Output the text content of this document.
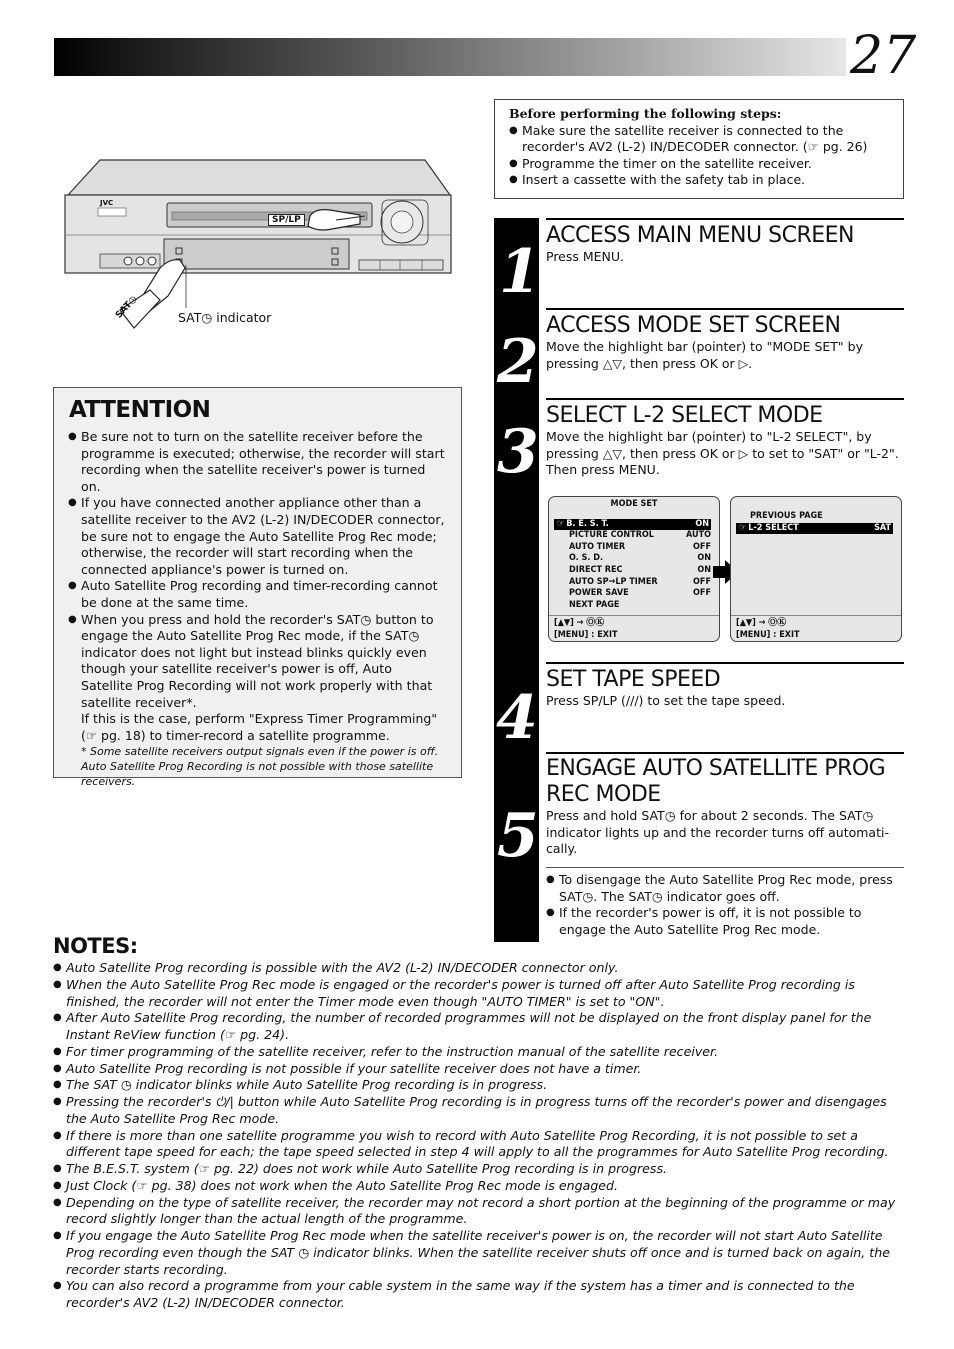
27
JVC
SP/LP
SAT◷	SAT◷ indicator
Before performing the following steps:
● Make sure the satellite receiver is connected to the recorder's AV2 (L-2) IN/DECODER connector. (☞ pg. 26)
● Programme the timer on the satellite receiver.
● Insert a cassette with the safety tab in place.
ATTENTION
● Be sure not to turn on the satellite receiver before the programme is executed; otherwise, the recorder will start recording when the satellite receiver's power is turned on.
● If you have connected another appliance other than a satellite receiver to the AV2 (L-2) IN/DECODER connector, be sure not to engage the Auto Satellite Prog Rec mode; otherwise, the recorder will start recording when the connected appliance's power is turned on.
● Auto Satellite Prog recording and timer-recording cannot be done at the same time.
● When you press and hold the recorder's SAT◷ button to engage the Auto Satellite Prog Rec mode, if the SAT◷ indicator does not light but instead blinks quickly even though your satellite receiver's power is off, Auto Satellite Prog Recording will not work properly with that satellite receiver*.
If this is the case, perform "Express Timer Programming" (☞ pg. 18) to timer-record a satellite programme.
* Some satellite receivers output signals even if the power is off. Auto Satellite Prog Recording is not possible with those satellite receivers.
1
2
3
4
5
ACCESS MAIN MENU SCREEN

Press MENU.

ACCESS MODE SET SCREEN

Move the highlight bar (pointer) to "MODE SET" by pressing △▽, then press OK or ▷.

SELECT L-2 SELECT MODE

Move the highlight bar (pointer) to "L-2 SELECT", by pressing △▽, then press OK or ▷ to set to "SAT" or "L-2". Then press MENU.

MODE SET
☞ B. E. S. T.	ON
PICTURE CONTROL	AUTO
AUTO TIMER	OFF
O. S. D.	ON
DIRECT REC	ON
AUTO SP→LP TIMER	OFF
POWER SAVE	OFF
NEXT PAGE
[▲▼] → ⓄⓀ
[MENU] : EXIT
PREVIOUS PAGE
☞ L-2 SELECT	SAT
[▲▼] → ⓄⓀ
[MENU] : EXIT
SET TAPE SPEED

Press SP/LP (///) to set the tape speed.

ENGAGE AUTO SATELLITE PROG REC MODE

Press and hold SAT◷ for about 2 seconds. The SAT◷ indicator lights up and the recorder turns off automati-cally.

● To disengage the Auto Satellite Prog Rec mode, press SAT◷. The SAT◷ indicator goes off.
● If the recorder's power is off, it is not possible to engage the Auto Satellite Prog Rec mode.
NOTES:
● Auto Satellite Prog recording is possible with the AV2 (L-2) IN/DECODER connector only.
● When the Auto Satellite Prog Rec mode is engaged or the recorder's power is turned off after Auto Satellite Prog recording is finished, the recorder will not enter the Timer mode even though "AUTO TIMER" is set to "ON".
● After Auto Satellite Prog recording, the number of recorded programmes will not be displayed on the front display panel for the Instant ReView function (☞ pg. 24).
● For timer programming of the satellite receiver, refer to the instruction manual of the satellite receiver.
● Auto Satellite Prog recording is not possible if your satellite receiver does not have a timer.
● The SAT ◷ indicator blinks while Auto Satellite Prog recording is in progress.
● Pressing the recorder's ⏻/| button while Auto Satellite Prog recording is in progress turns off the recorder's power and disengages the Auto Satellite Prog Rec mode.
● If there is more than one satellite programme you wish to record with Auto Satellite Prog Recording, it is not possible to set a different tape speed for each; the tape speed selected in step 4 will apply to all the programmes for Auto Satellite Prog recording.
● The B.E.S.T. system (☞ pg. 22) does not work while Auto Satellite Prog recording is in progress.
● Just Clock (☞ pg. 38) does not work when the Auto Satellite Prog Rec mode is engaged.
● Depending on the type of satellite receiver, the recorder may not record a short portion at the beginning of the programme or may record slightly longer than the actual length of the programme.
● If you engage the Auto Satellite Prog Rec mode when the satellite receiver's power is on, the recorder will not start Auto Satellite Prog recording even though the SAT ◷ indicator blinks. When the satellite receiver shuts off once and is turned back on again, the recorder starts recording.
● You can also record a programme from your cable system in the same way if the system has a timer and is connected to the recorder's AV2 (L-2) IN/DECODER connector.
